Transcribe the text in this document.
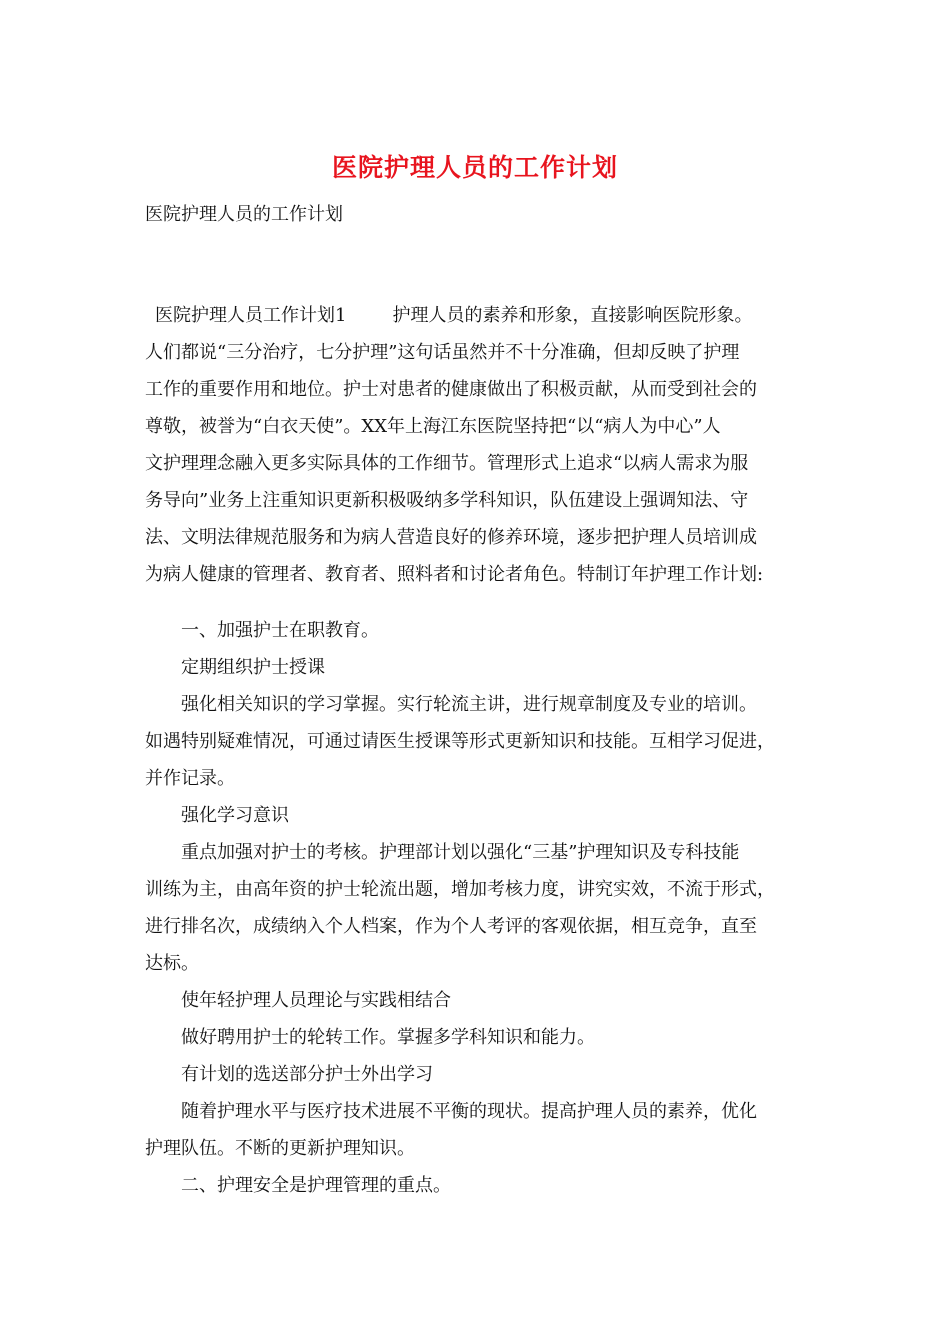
医院护理人员的工作计划
医院护理人员的工作计划
医院护理人员工作计划1	护理人员的素养和形象，直接影响医院形象。
人们都说“三分治疗，七分护理”这句话虽然并不十分准确，但却反映了护理
工作的重要作用和地位。护士对患者的健康做出了积极贡献，从而受到社会的
尊敬，被誉为“白衣天使”。XX年上海江东医院坚持把“以“病人为中心”人
文护理理念融入更多实际具体的工作细节。管理形式上追求“以病人需求为服
务导向”业务上注重知识更新积极吸纳多学科知识，队伍建设上强调知法、守
法、文明法律规范服务和为病人营造良好的修养环境，逐步把护理人员培训成
为病人健康的管理者、教育者、照料者和讨论者角色。特制订年护理工作计划:
一、加强护士在职教育。
定期组织护士授课
强化相关知识的学习掌握。实行轮流主讲，进行规章制度及专业的培训。
如遇特别疑难情况，可通过请医生授课等形式更新知识和技能。互相学习促进，
并作记录。
强化学习意识
重点加强对护士的考核。护理部计划以强化“三基”护理知识及专科技能
训练为主，由高年资的护士轮流出题，增加考核力度，讲究实效，不流于形式，
进行排名次，成绩纳入个人档案，作为个人考评的客观依据，相互竞争，直至
达标。
使年轻护理人员理论与实践相结合
做好聘用护士的轮转工作。掌握多学科知识和能力。
有计划的选送部分护士外出学习
随着护理水平与医疗技术进展不平衡的现状。提高护理人员的素养，优化
护理队伍。不断的更新护理知识。
二、护理安全是护理管理的重点。
